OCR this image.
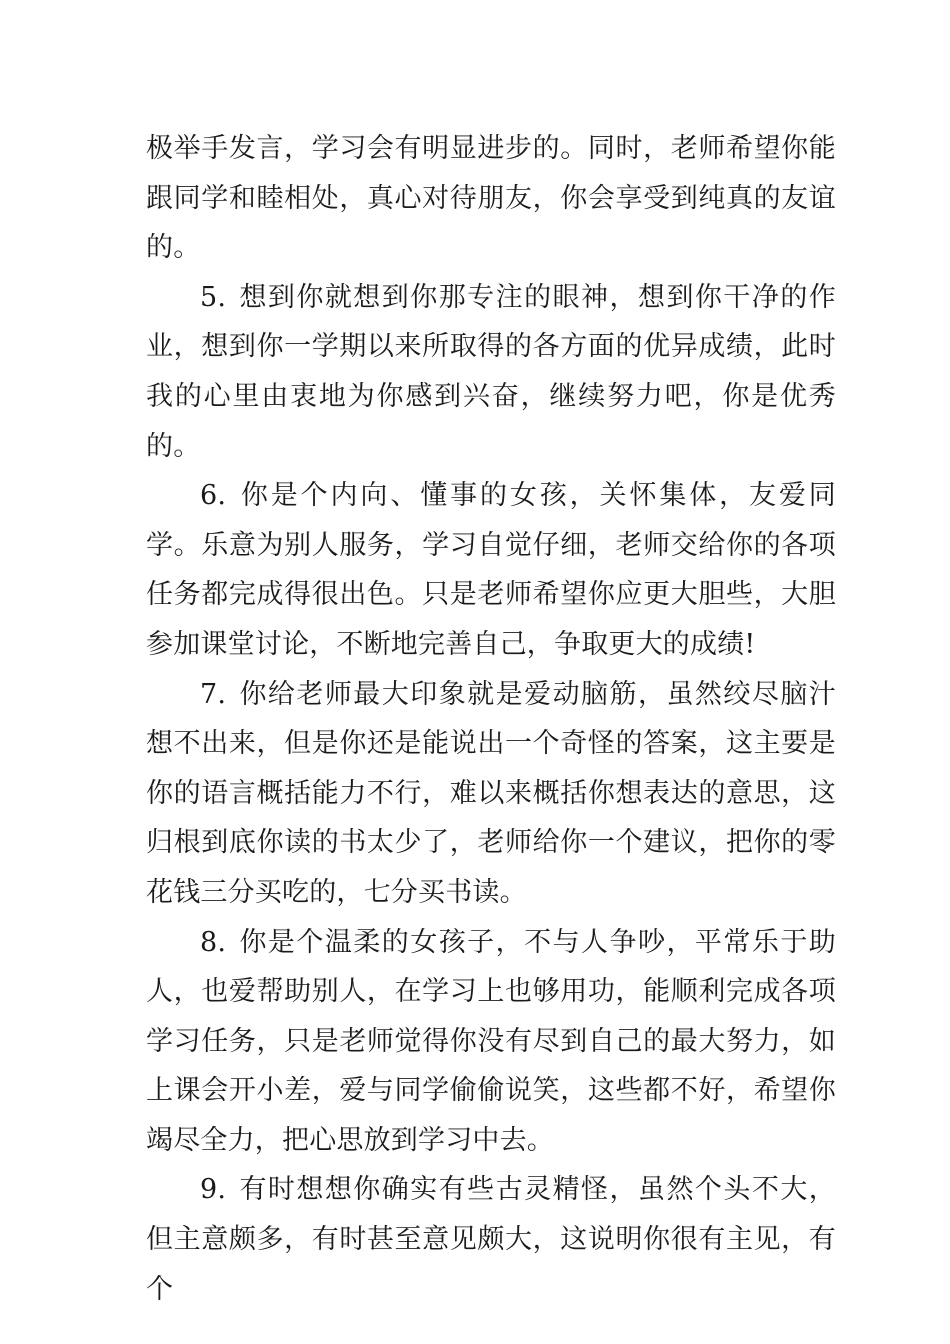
极举手发言，学习会有明显进步的。同时，老师希望你能跟同学和睦相处，真心对待朋友，你会享受到纯真的友谊的。

5. 想到你就想到你那专注的眼神，想到你干净的作业，想到你一学期以来所取得的各方面的优异成绩，此时我的心里由衷地为你感到兴奋，继续努力吧，你是优秀的。

6. 你是个内向、懂事的女孩，关怀集体，友爱同学。乐意为别人服务，学习自觉仔细，老师交给你的各项任务都完成得很出色。只是老师希望你应更大胆些，大胆参加课堂讨论，不断地完善自己，争取更大的成绩!

7. 你给老师最大印象就是爱动脑筋，虽然绞尽脑汁想不出来，但是你还是能说出一个奇怪的答案，这主要是你的语言概括能力不行，难以来概括你想表达的意思，这归根到底你读的书太少了，老师给你一个建议，把你的零花钱三分买吃的，七分买书读。

8. 你是个温柔的女孩子，不与人争吵，平常乐于助人，也爱帮助别人，在学习上也够用功，能顺利完成各项学习任务，只是老师觉得你没有尽到自己的最大努力，如上课会开小差，爱与同学偷偷说笑，这些都不好，希望你竭尽全力，把心思放到学习中去。

9. 有时想想你确实有些古灵精怪，虽然个头不大，但主意颇多，有时甚至意见颇大，这说明你很有主见，有个
